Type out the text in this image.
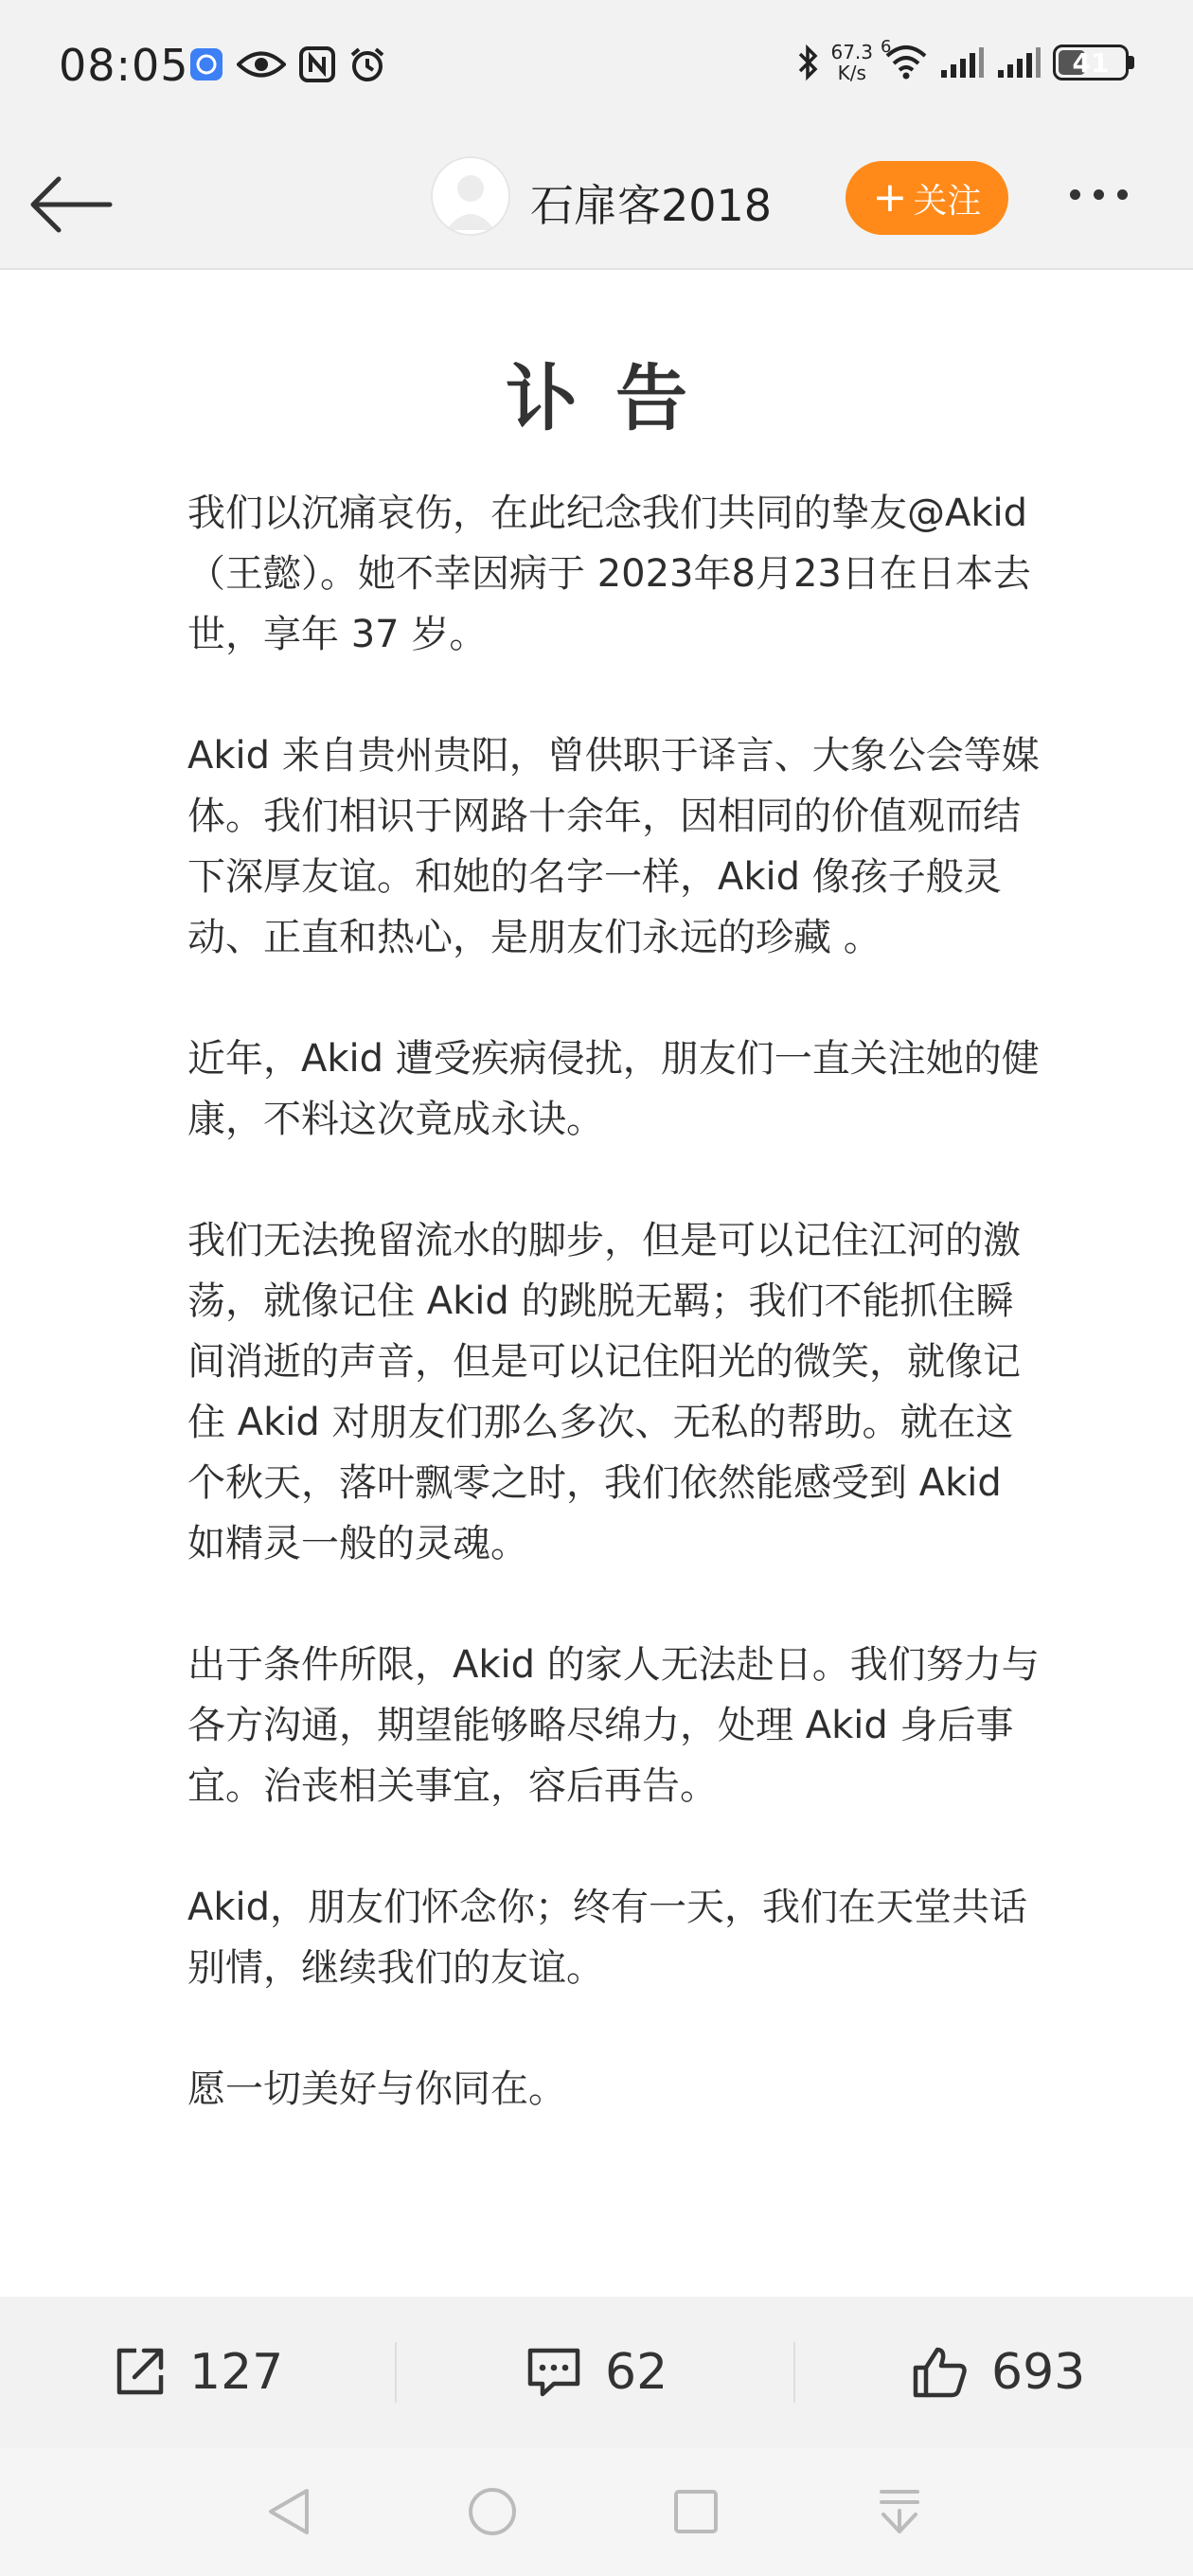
08:05	67.3
K/s
6	41
石扉客2018 + 关注
讣告

我们以沉痛哀伤，在此纪念我们共同的挚友@Akid（王懿）。她不幸因病于 2023年8月23日在日本去世，享年 37 岁。

Akid 来自贵州贵阳，曾供职于译言、大象公会等媒体。我们相识于网路十余年，因相同的价值观而结下深厚友谊。和她的名字一样，Akid 像孩子般灵动、正直和热心，是朋友们永远的珍藏 。

近年，Akid 遭受疾病侵扰，朋友们一直关注她的健康，不料这次竟成永诀。

我们无法挽留流水的脚步，但是可以记住江河的激荡，就像记住 Akid 的跳脱无羁；我们不能抓住瞬间消逝的声音，但是可以记住阳光的微笑，就像记住 Akid 对朋友们那么多次、无私的帮助。就在这个秋天，落叶飘零之时，我们依然能感受到 Akid 如精灵一般的灵魂。

出于条件所限，Akid 的家人无法赴日。我们努力与各方沟通，期望能够略尽绵力，处理 Akid 身后事宜。治丧相关事宜，容后再告。

Akid，朋友们怀念你；终有一天，我们在天堂共话别情，继续我们的友谊。

愿一切美好与你同在。

127	62	693
